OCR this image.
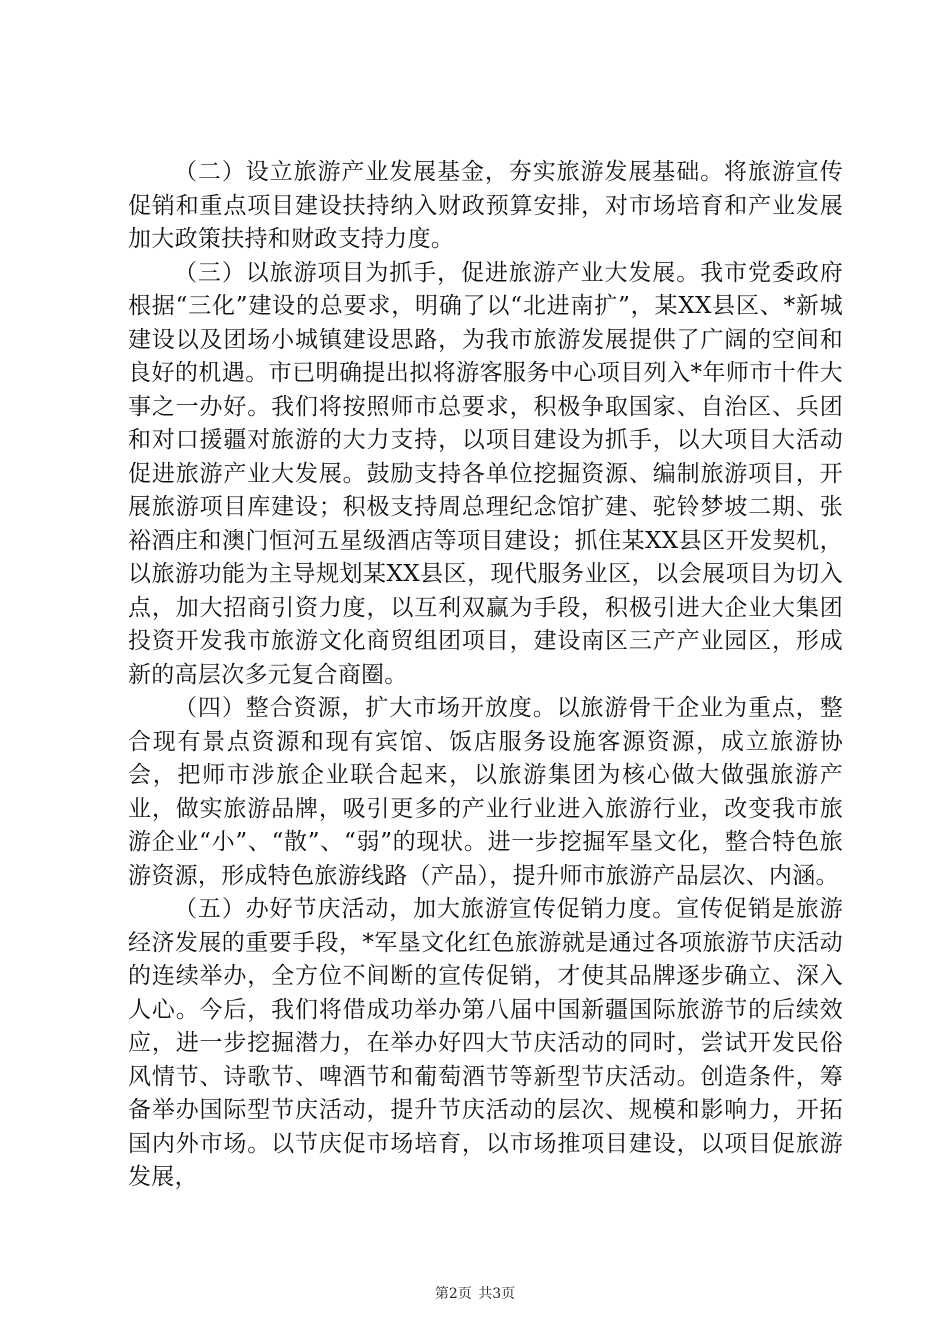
（二）设立旅游产业发展基金，夯实旅游发展基础。将旅游宣传促销和重点项目建设扶持纳入财政预算安排，对市场培育和产业发展加大政策扶持和财政支持力度。

（三）以旅游项目为抓手，促进旅游产业大发展。我市党委政府根据“三化”建设的总要求，明确了以“北进南扩”，某XX县区、*新城建设以及团场小城镇建设思路，为我市旅游发展提供了广阔的空间和良好的机遇。市已明确提出拟将游客服务中心项目列入*年师市十件大事之一办好。我们将按照师市总要求，积极争取国家、自治区、兵团和对口援疆对旅游的大力支持，以项目建设为抓手，以大项目大活动促进旅游产业大发展。鼓励支持各单位挖掘资源、编制旅游项目，开展旅游项目库建设；积极支持周总理纪念馆扩建、驼铃梦坡二期、张裕酒庄和澳门恒河五星级酒店等项目建设；抓住某XX县区开发契机，以旅游功能为主导规划某XX县区，现代服务业区，以会展项目为切入点，加大招商引资力度，以互利双赢为手段，积极引进大企业大集团投资开发我市旅游文化商贸组团项目，建设南区三产产业园区，形成新的高层次多元复合商圈。

（四）整合资源，扩大市场开放度。以旅游骨干企业为重点，整合现有景点资源和现有宾馆、饭店服务设施客源资源，成立旅游协会，把师市涉旅企业联合起来，以旅游集团为核心做大做强旅游产业，做实旅游品牌，吸引更多的产业行业进入旅游行业，改变我市旅游企业“小”、“散”、“弱”的现状。进一步挖掘军垦文化，整合特色旅游资源，形成特色旅游线路（产品），提升师市旅游产品层次、内涵。

（五）办好节庆活动，加大旅游宣传促销力度。宣传促销是旅游经济发展的重要手段，*军垦文化红色旅游就是通过各项旅游节庆活动的连续举办，全方位不间断的宣传促销，才使其品牌逐步确立、深入人心。今后，我们将借成功举办第八届中国新疆国际旅游节的后续效应，进一步挖掘潜力，在举办好四大节庆活动的同时，尝试开发民俗风情节、诗歌节、啤酒节和葡萄酒节等新型节庆活动。创造条件，筹备举办国际型节庆活动，提升节庆活动的层次、规模和影响力，开拓国内外市场。以节庆促市场培育，以市场推项目建设，以项目促旅游发展，

第2页 共3页
